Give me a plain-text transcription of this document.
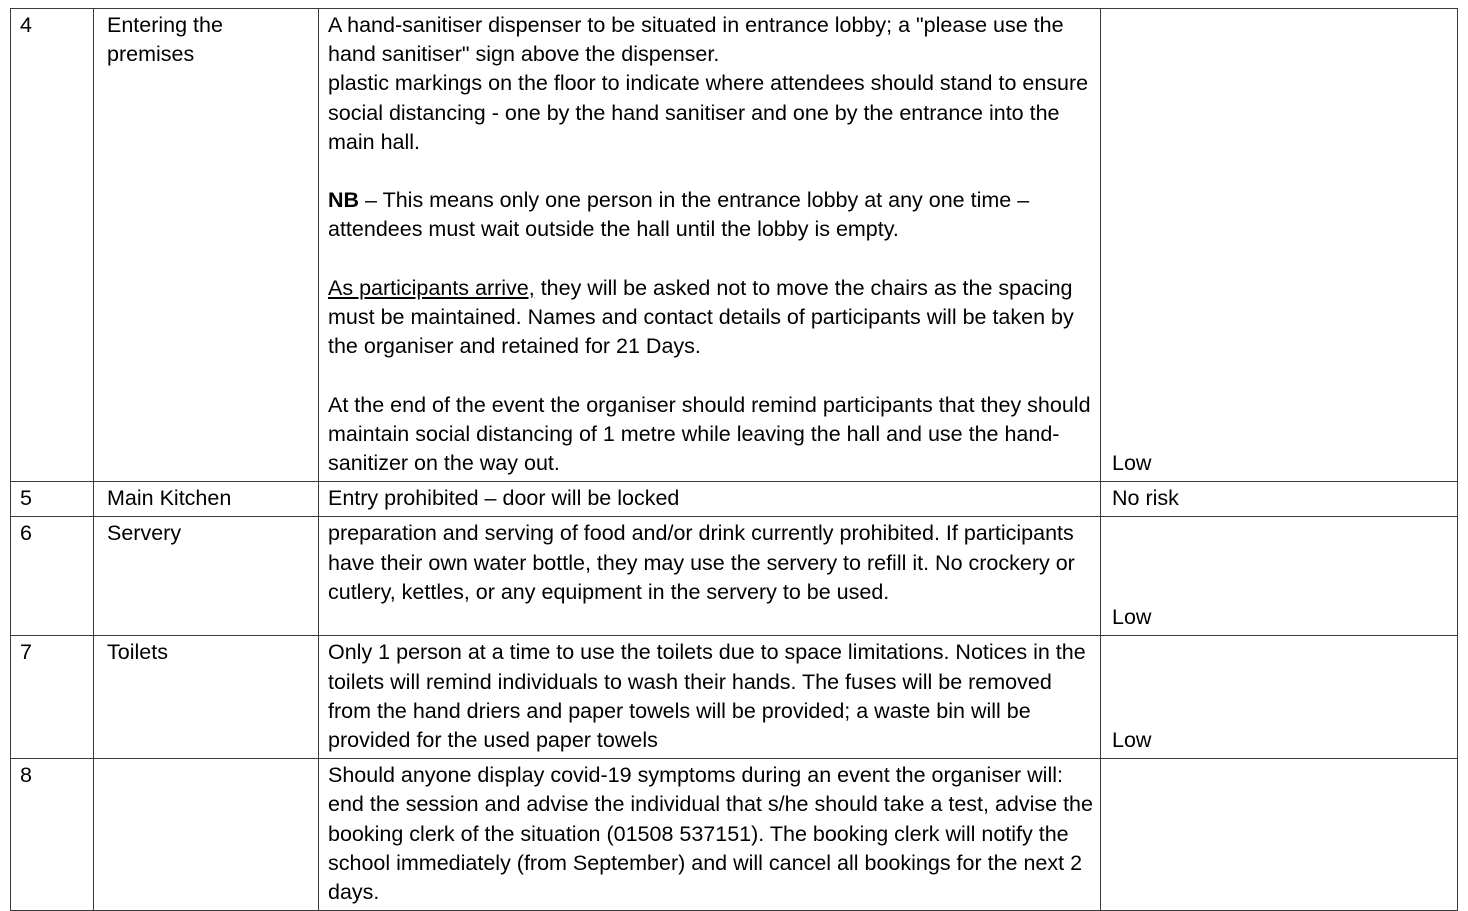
4	Entering the premises	A hand-sanitiser dispenser to be situated in entrance lobby; a "please use the hand sanitiser" sign above the dispenser.

plastic markings on the floor to indicate where attendees should stand to ensure social distancing - one by the hand sanitiser and one by the entrance into the main hall.

NB – This means only one person in the entrance lobby at any one time – attendees must wait outside the hall until the lobby is empty.

As participants arrive, they will be asked not to move the chairs as the spacing must be maintained. Names and contact details of participants will be taken by the organiser and retained for 21 Days.

At the end of the event the organiser should remind participants that they should maintain social distancing of 1 metre while leaving the hall and use the hand-sanitizer on the way out.	Low

5	Main Kitchen	Entry prohibited – door will be locked	No risk

6	Servery	preparation and serving of food and/or drink currently prohibited. If participants have their own water bottle, they may use the servery to refill it. No crockery or cutlery, kettles, or any equipment in the servery to be used.	Low

7	Toilets	Only 1 person at a time to use the toilets due to space limitations. Notices in the toilets will remind individuals to wash their hands. The fuses will be removed from the hand driers and paper towels will be provided; a waste bin will be provided for the used paper towels	Low

8		Should anyone display covid-19 symptoms during an event the organiser will: end the session and advise the individual that s/he should take a test, advise the booking clerk of the situation (01508 537151). The booking clerk will notify the school immediately (from September) and will cancel all bookings for the next 2 days.	
